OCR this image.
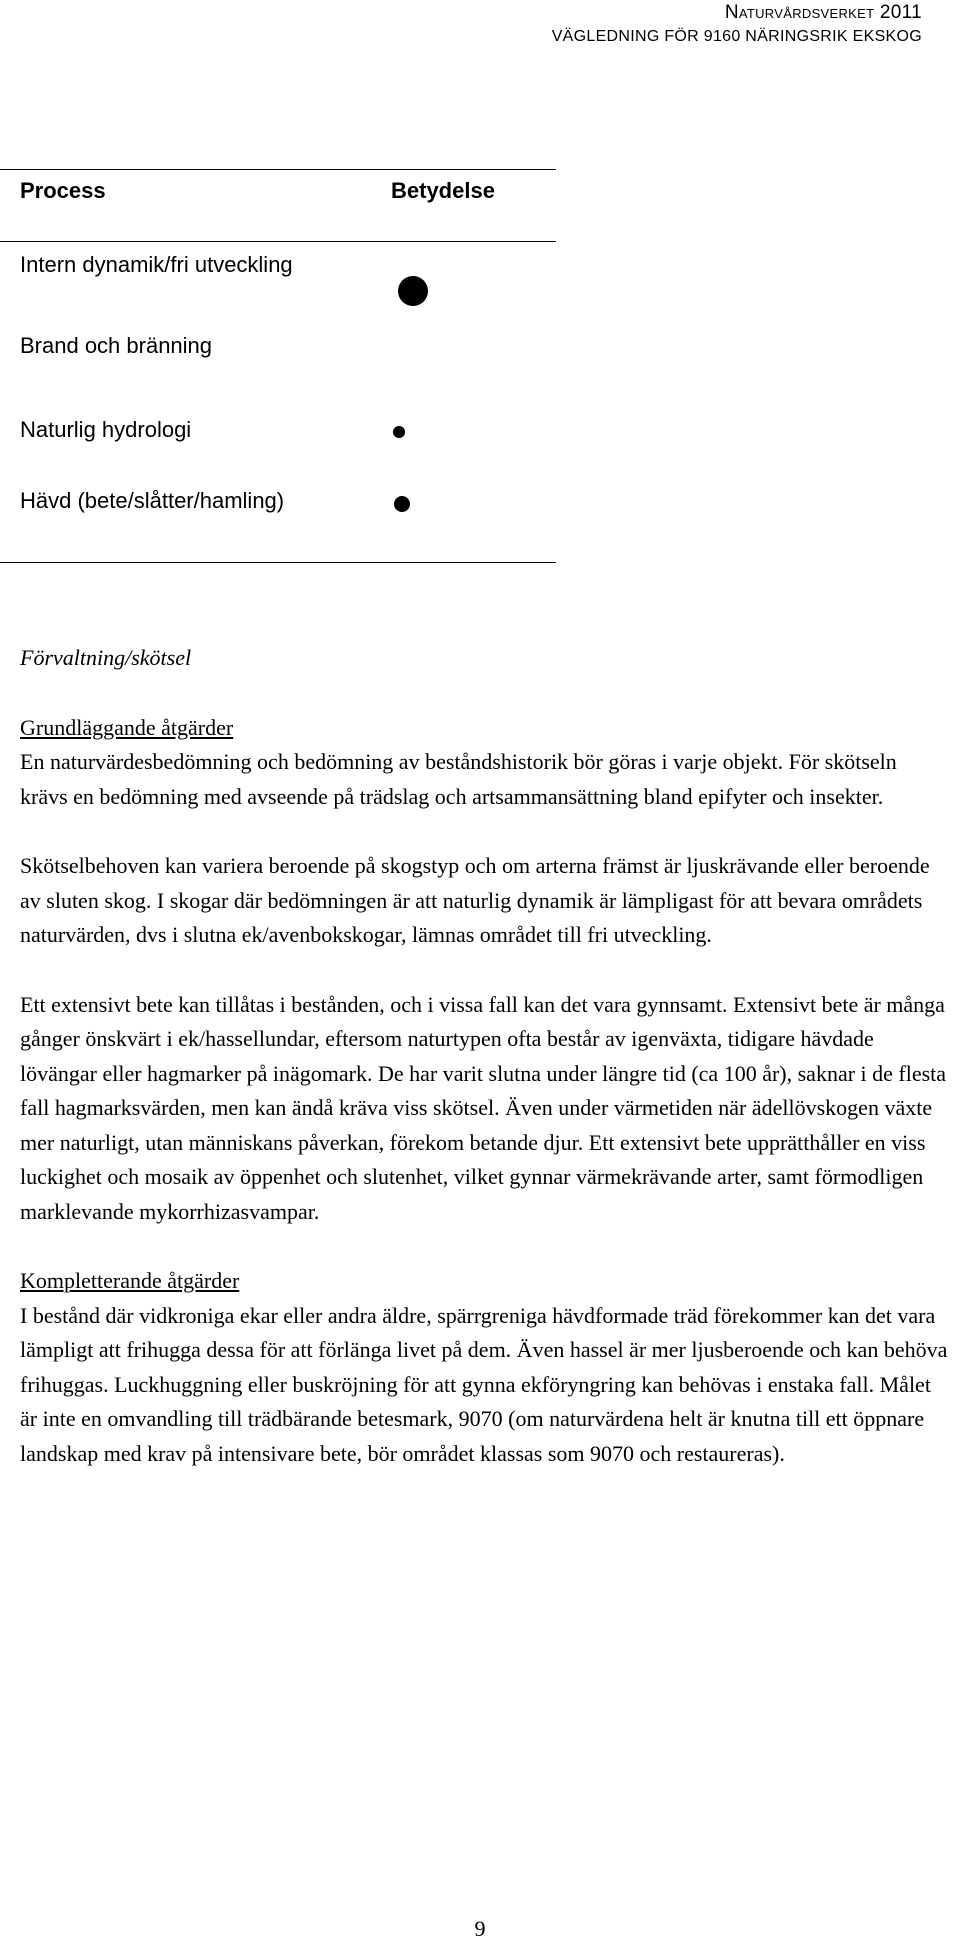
Naturvårdsverket 2011
VÄGLEDNING FÖR 9160 NÄRINGSRIK EKSKOG
Process	Betydelse
Intern dynamik/fri utveckling
Brand och bränning
Naturlig hydrologi
Hävd (bete/slåtter/hamling)

Förvaltning/skötsel

Grundläggande åtgärder

En naturvärdesbedömning och bedömning av beståndshistorik bör göras i varje objekt. För skötseln krävs en bedömning med avseende på trädslag och artsammansättning bland epifyter och insekter.

Skötselbehoven kan variera beroende på skogstyp och om arterna främst är ljuskrävande eller beroende av sluten skog. I skogar där bedömningen är att naturlig dynamik är lämpligast för att bevara områdets naturvärden, dvs i slutna ek/avenbokskogar, lämnas området till fri utveckling.

Ett extensivt bete kan tillåtas i bestånden, och i vissa fall kan det vara gynnsamt. Extensivt bete är många gånger önskvärt i ek/hassellundar, eftersom naturtypen ofta består av igenväxta, tidigare hävdade lövängar eller hagmarker på inägomark. De har varit slutna under längre tid (ca 100 år), saknar i de flesta fall hagmarksvärden, men kan ändå kräva viss skötsel. Även under värmetiden när ädellövskogen växte mer naturligt, utan människans påverkan, förekom betande djur. Ett extensivt bete upprätthåller en viss luckighet och mosaik av öppenhet och slutenhet, vilket gynnar värmekrävande arter, samt förmodligen marklevande mykorrhizasvampar.

Kompletterande åtgärder

I bestånd där vidkroniga ekar eller andra äldre, spärrgreniga hävdformade träd förekommer kan det vara lämpligt att frihugga dessa för att förlänga livet på dem. Även hassel är mer ljusberoende och kan behöva frihuggas. Luckhuggning eller buskröjning för att gynna ekföryngring kan behövas i enstaka fall. Målet är inte en omvandling till trädbärande betesmark, 9070 (om naturvärdena helt är knutna till ett öppnare landskap med krav på intensivare bete, bör området klassas som 9070 och restaureras).

9
